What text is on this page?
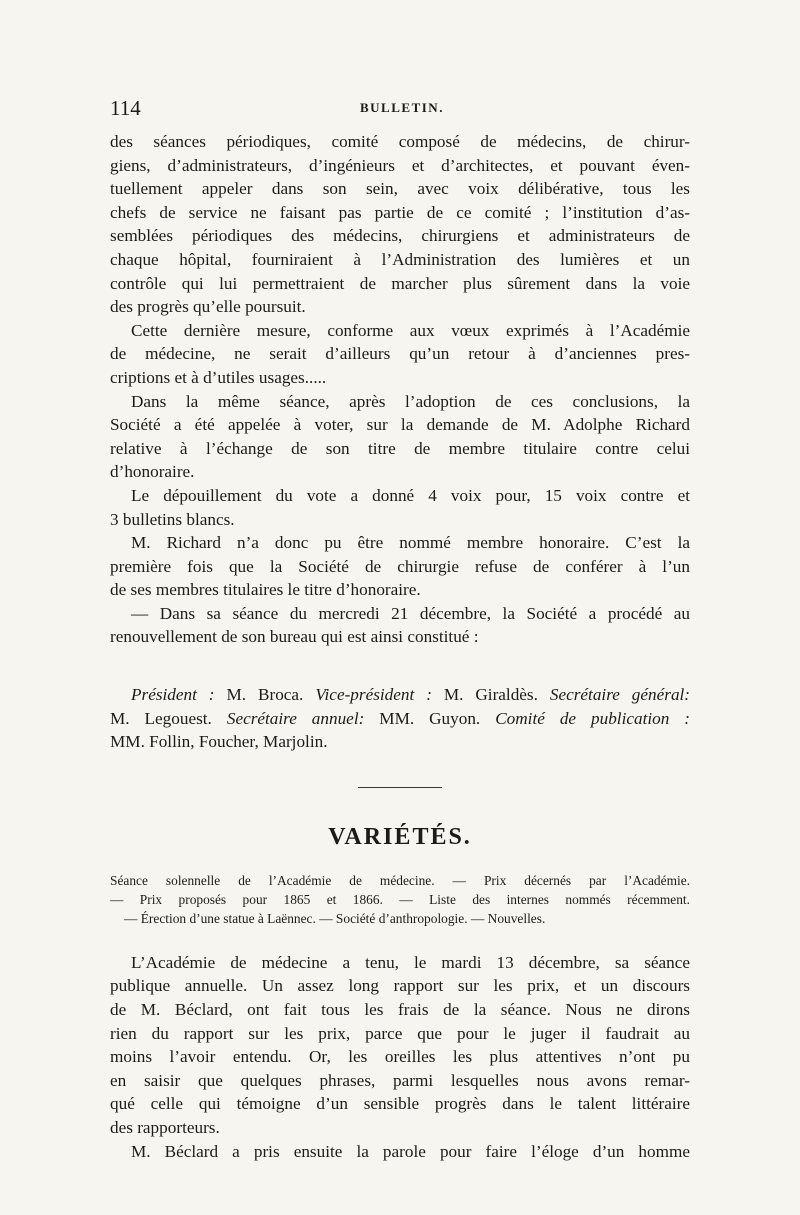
114	BULLETIN.

des séances périodiques, comité composé de médecins, de chirur-
giens, d’administrateurs, d’ingénieurs et d’architectes, et pouvant éven-
tuellement appeler dans son sein, avec voix délibérative, tous les
chefs de service ne faisant pas partie de ce comité ; l’institution d’as-
semblées périodiques des médecins, chirurgiens et administrateurs de
chaque hôpital, fourniraient à l’Administration des lumières et un
contrôle qui lui permettraient de marcher plus sûrement dans la voie
des progrès qu’elle poursuit.

Cette dernière mesure, conforme aux vœux exprimés à l’Académie
de médecine, ne serait d’ailleurs qu’un retour à d’anciennes pres-
criptions et à d’utiles usages.....

Dans la même séance, après l’adoption de ces conclusions, la
Société a été appelée à voter, sur la demande de M. Adolphe Richard
relative à l’échange de son titre de membre titulaire contre celui
d’honoraire.

Le dépouillement du vote a donné 4 voix pour, 15 voix contre et
3 bulletins blancs.

M. Richard n’a donc pu être nommé membre honoraire. C’est la
première fois que la Société de chirurgie refuse de conférer à l’un
de ses membres titulaires le titre d’honoraire.

— Dans sa séance du mercredi 21 décembre, la Société a procédé au
renouvellement de son bureau qui est ainsi constitué :

Président : M. Broca. Vice-président : M. Giraldès. Secrétaire général:
M. Legouest. Secrétaire annuel: MM. Guyon. Comité de publication :
MM. Follin, Foucher, Marjolin.
VARIÉTÉS.
Séance solennelle de l’Académie de médecine. — Prix décernés par l’Académie.
— Prix proposés pour 1865 et 1866. — Liste des internes nommés récemment.
— Érection d’une statue à Laënnec. — Société d’anthropologie. — Nouvelles.

L’Académie de médecine a tenu, le mardi 13 décembre, sa séance
publique annuelle. Un assez long rapport sur les prix, et un discours
de M. Béclard, ont fait tous les frais de la séance. Nous ne dirons
rien du rapport sur les prix, parce que pour le juger il faudrait au
moins l’avoir entendu. Or, les oreilles les plus attentives n’ont pu
en saisir que quelques phrases, parmi lesquelles nous avons remar-
qué celle qui témoigne d’un sensible progrès dans le talent littéraire
des rapporteurs.

M. Béclard a pris ensuite la parole pour faire l’éloge d’un homme
